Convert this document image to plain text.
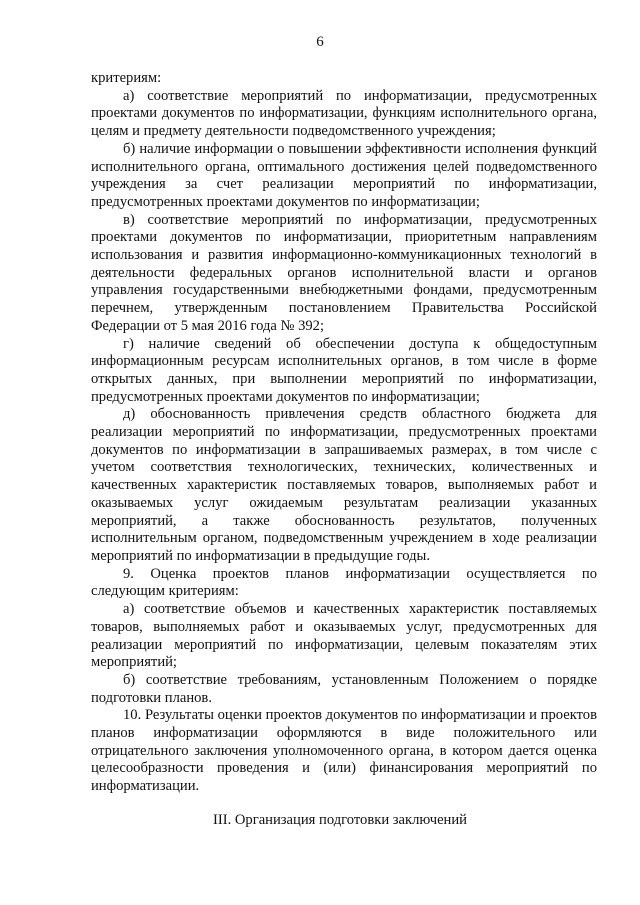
6

критериям:

а) соответствие мероприятий по информатизации, предусмотренных проектами документов по информатизации, функциям исполнительного органа, целям и предмету деятельности подведомственного учреждения;

б) наличие информации о повышении эффективности исполнения функций исполнительного органа, оптимального достижения целей подведомственного учреждения за счет реализации мероприятий по информатизации, предусмотренных проектами документов по информатизации;

в) соответствие мероприятий по информатизации, предусмотренных проектами документов по информатизации, приоритетным направлениям использования и развития информационно-коммуникационных технологий в деятельности федеральных органов исполнительной власти и органов управления государственными внебюджетными фондами, предусмотренным перечнем, утвержденным постановлением Правительства Российской Федерации от 5 мая 2016 года № 392;

г) наличие сведений об обеспечении доступа к общедоступным информационным ресурсам исполнительных органов, в том числе в форме открытых данных, при выполнении мероприятий по информатизации, предусмотренных проектами документов по информатизации;

д) обоснованность привлечения средств областного бюджета для реализации мероприятий по информатизации, предусмотренных проектами документов по информатизации в запрашиваемых размерах, в том числе с учетом соответствия технологических, технических, количественных и качественных характеристик поставляемых товаров, выполняемых работ и оказываемых услуг ожидаемым результатам реализации указанных мероприятий, а также обоснованность результатов, полученных исполнительным органом, подведомственным учреждением в ходе реализации мероприятий по информатизации в предыдущие годы.

9. Оценка проектов планов информатизации осуществляется по следующим критериям:

а) соответствие объемов и качественных характеристик поставляемых товаров, выполняемых работ и оказываемых услуг, предусмотренных для реализации мероприятий по информатизации, целевым показателям этих мероприятий;

б) соответствие требованиям, установленным Положением о порядке подготовки планов.

10. Результаты оценки проектов документов по информатизации и проектов планов информатизации оформляются в виде положительного или отрицательного заключения уполномоченного органа, в котором дается оценка целесообразности проведения и (или) финансирования мероприятий по информатизации.

III. Организация подготовки заключений
